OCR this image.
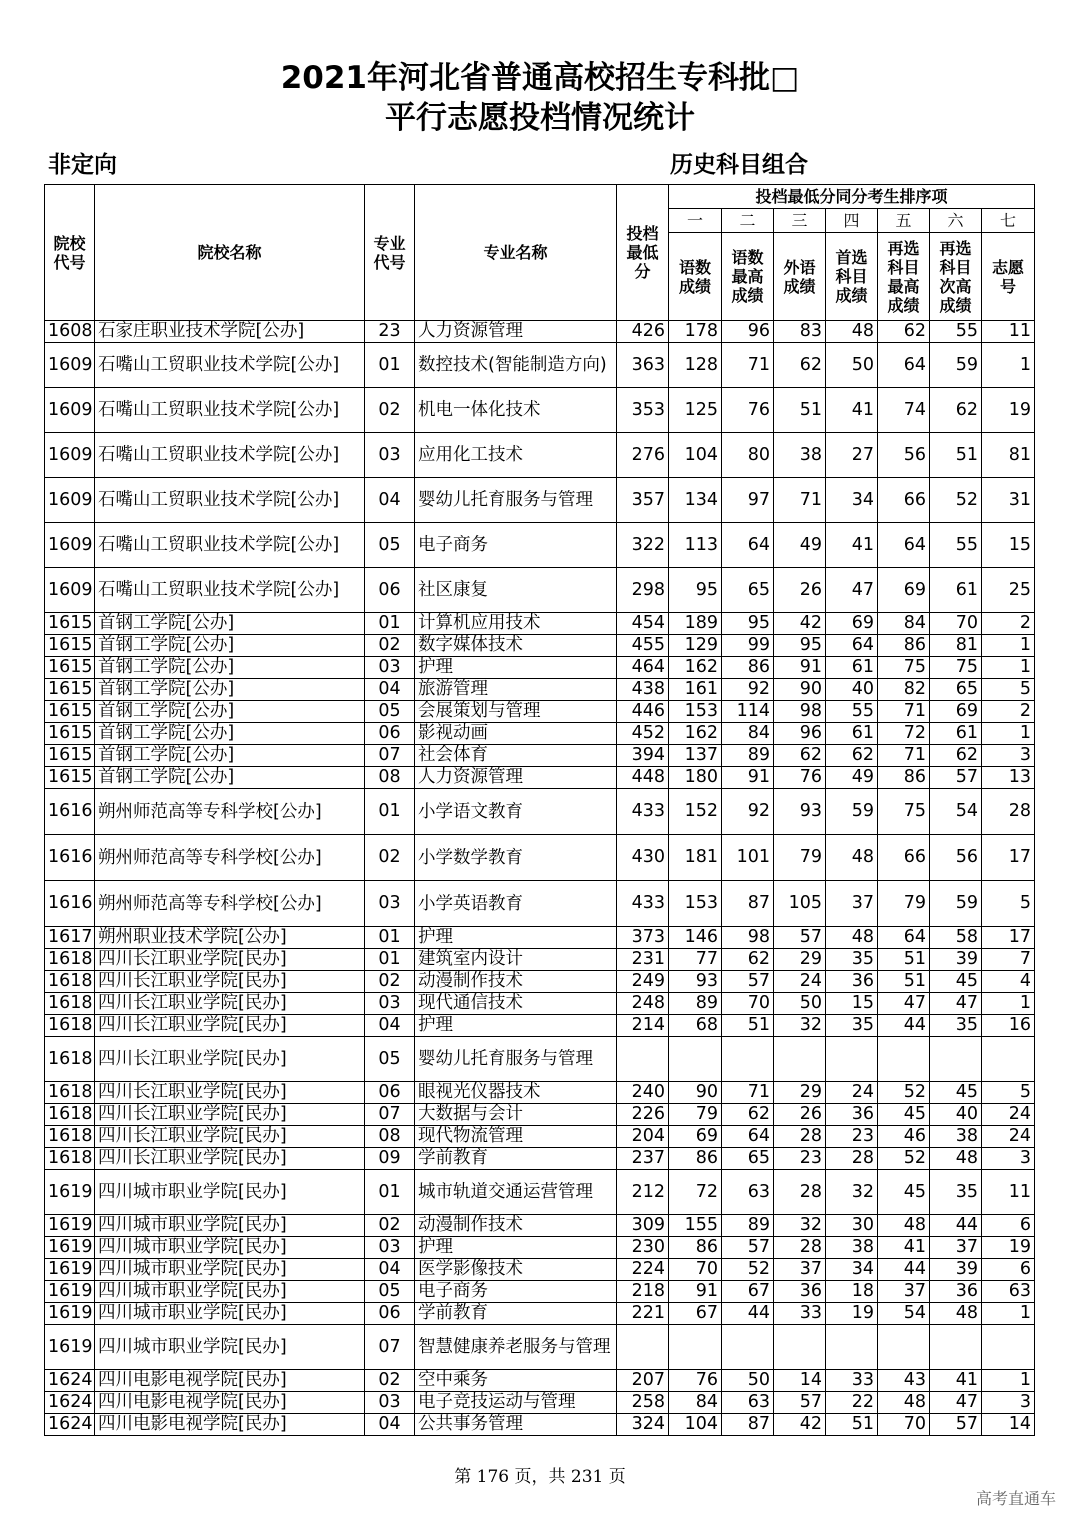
2021年河北省普通高校招生专科批□
平行志愿投档情况统计
非定向	历史科目组合
院校代号	院校名称	专业代号	专业名称	投档最低分	投档最低分同分考生排序项						
					一	二	三	四	五	六	七
					语数成绩	语数最高成绩	外语成绩	首选科目成绩	再选科目最高成绩	再选科目次高成绩	志愿号
1608	石家庄职业技术学院[公办]	23	人力资源管理	426	178	96	83	48	62	55	11
1609	石嘴山工贸职业技术学院[公办]	01	数控技术(智能制造方向)	363	128	71	62	50	64	59	1
1609	石嘴山工贸职业技术学院[公办]	02	机电一体化技术	353	125	76	51	41	74	62	19
1609	石嘴山工贸职业技术学院[公办]	03	应用化工技术	276	104	80	38	27	56	51	81
1609	石嘴山工贸职业技术学院[公办]	04	婴幼儿托育服务与管理	357	134	97	71	34	66	52	31
1609	石嘴山工贸职业技术学院[公办]	05	电子商务	322	113	64	49	41	64	55	15
1609	石嘴山工贸职业技术学院[公办]	06	社区康复	298	95	65	26	47	69	61	25
1615	首钢工学院[公办]	01	计算机应用技术	454	189	95	42	69	84	70	2
1615	首钢工学院[公办]	02	数字媒体技术	455	129	99	95	64	86	81	1
1615	首钢工学院[公办]	03	护理	464	162	86	91	61	75	75	1
1615	首钢工学院[公办]	04	旅游管理	438	161	92	90	40	82	65	5
1615	首钢工学院[公办]	05	会展策划与管理	446	153	114	98	55	71	69	2
1615	首钢工学院[公办]	06	影视动画	452	162	84	96	61	72	61	1
1615	首钢工学院[公办]	07	社会体育	394	137	89	62	62	71	62	3
1615	首钢工学院[公办]	08	人力资源管理	448	180	91	76	49	86	57	13
1616	朔州师范高等专科学校[公办]	01	小学语文教育	433	152	92	93	59	75	54	28
1616	朔州师范高等专科学校[公办]	02	小学数学教育	430	181	101	79	48	66	56	17
1616	朔州师范高等专科学校[公办]	03	小学英语教育	433	153	87	105	37	79	59	5
1617	朔州职业技术学院[公办]	01	护理	373	146	98	57	48	64	58	17
1618	四川长江职业学院[民办]	01	建筑室内设计	231	77	62	29	35	51	39	7
1618	四川长江职业学院[民办]	02	动漫制作技术	249	93	57	24	36	51	45	4
1618	四川长江职业学院[民办]	03	现代通信技术	248	89	70	50	15	47	47	1
1618	四川长江职业学院[民办]	04	护理	214	68	51	32	35	44	35	16
1618	四川长江职业学院[民办]	05	婴幼儿托育服务与管理								
1618	四川长江职业学院[民办]	06	眼视光仪器技术	240	90	71	29	24	52	45	5
1618	四川长江职业学院[民办]	07	大数据与会计	226	79	62	26	36	45	40	24
1618	四川长江职业学院[民办]	08	现代物流管理	204	69	64	28	23	46	38	24
1618	四川长江职业学院[民办]	09	学前教育	237	86	65	23	28	52	48	3
1619	四川城市职业学院[民办]	01	城市轨道交通运营管理	212	72	63	28	32	45	35	11
1619	四川城市职业学院[民办]	02	动漫制作技术	309	155	89	32	30	48	44	6
1619	四川城市职业学院[民办]	03	护理	230	86	57	28	38	41	37	19
1619	四川城市职业学院[民办]	04	医学影像技术	224	70	52	37	34	44	39	6
1619	四川城市职业学院[民办]	05	电子商务	218	91	67	36	18	37	36	63
1619	四川城市职业学院[民办]	06	学前教育	221	67	44	33	19	54	48	1
1619	四川城市职业学院[民办]	07	智慧健康养老服务与管理								
1624	四川电影电视学院[民办]	02	空中乘务	207	76	50	14	33	43	41	1
1624	四川电影电视学院[民办]	03	电子竞技运动与管理	258	84	63	57	22	48	47	3
1624	四川电影电视学院[民办]	04	公共事务管理	324	104	87	42	51	70	57	14
第 176 页，共 231 页
高考直通车
